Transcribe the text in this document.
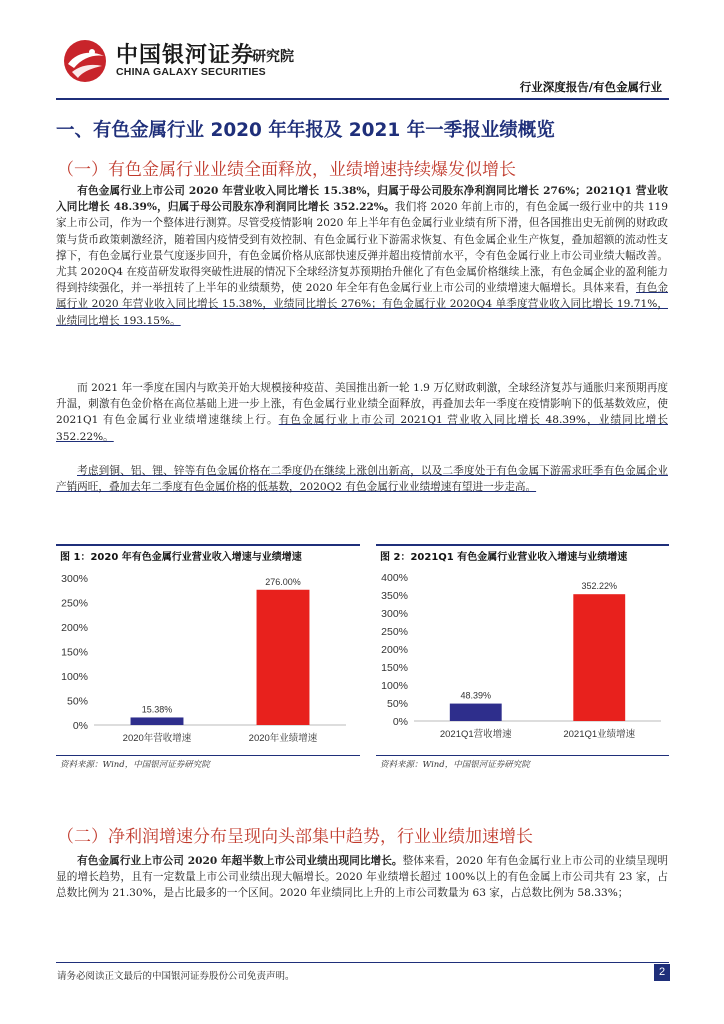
中国银河证券
CHINA GALAXY SECURITIES
研究院
行业深度报告/有色金属行业
一、有色金属行业 2020 年年报及 2021 年一季报业绩概览
（一）有色金属行业业绩全面释放，业绩增速持续爆发似增长
有色金属行业上市公司 2020 年营业收入同比增长 15.38%，归属于母公司股东净利润同比增长 276%；2021Q1 营业收入同比增长 48.39%，归属于母公司股东净利润同比增长 352.22%。我们将 2020 年前上市的，有色金属一级行业中的共 119 家上市公司，作为一个整体进行测算。尽管受疫情影响 2020 年上半年有色金属行业业绩有所下滑，但各国推出史无前例的财政政策与货币政策刺激经济，随着国内疫情受到有效控制、有色金属行业下游需求恢复、有色金属企业生产恢复，叠加超额的流动性支撑下，有色金属行业景气度逐步回升，有色金属价格从底部快速反弹并超出疫情前水平，令有色金属行业上市公司业绩大幅改善。尤其 2020Q4 在疫苗研发取得突破性进展的情况下全球经济复苏预期抬升催化了有色金属价格继续上涨，有色金属企业的盈利能力得到持续强化，并一举扭转了上半年的业绩颓势，使 2020 年全年有色金属行业上市公司的业绩增速大幅增长。具体来看，有色金属行业 2020 年营业收入同比增长 15.38%，业绩同比增长 276%；有色金属行业 2020Q4 单季度营业收入同比增长 19.71%，业绩同比增长 193.15%。
而 2021 年一季度在国内与欧美开始大规模接种疫苗、美国推出新一轮 1.9 万亿财政刺激，全球经济复苏与通胀归来预期再度升温，刺激有色金价格在高位基础上进一步上涨，有色金属行业业绩全面释放，再叠加去年一季度在疫情影响下的低基数效应，使 2021Q1 有色金属行业业绩增速继续上行。有色金属行业上市公司 2021Q1 营业收入同比增长 48.39%，业绩同比增长 352.22%。
考虑到铜、铝、锂、锌等有色金属价格在二季度仍在继续上涨创出新高，以及二季度处于有色金属下游需求旺季有色金属企业产销两旺，叠加去年二季度有色金属价格的低基数，2020Q2 有色金属行业业绩增速有望进一步走高。
图 1：2020 年有色金属行业营业收入增速与业绩增速
0%
50%
100%
150%
200%
250%
300%
15.38%
2020年营收增速
276.00%
2020年业绩增速
资料来源：Wind，中国银河证券研究院
图 2：2021Q1 有色金属行业营业收入增速与业绩增速
0%
50%
100%
150%
200%
250%
300%
350%
400%
48.39%
2021Q1营收增速
352.22%
2021Q1业绩增速
资料来源：Wind，中国银河证券研究院
（二）净利润增速分布呈现向头部集中趋势，行业业绩加速增长
有色金属行业上市公司 2020 年超半数上市公司业绩出现同比增长。整体来看，2020 年有色金属行业上市公司的业绩呈现明显的增长趋势，且有一定数量上市公司业绩出现大幅增长。2020 年业绩增长超过 100%以上的有色金属上市公司共有 23 家，占总数比例为 21.30%，是占比最多的一个区间。2020 年业绩同比上升的上市公司数量为 63 家，占总数比例为 58.33%；
请务必阅读正文最后的中国银河证券股份公司免责声明。	2
